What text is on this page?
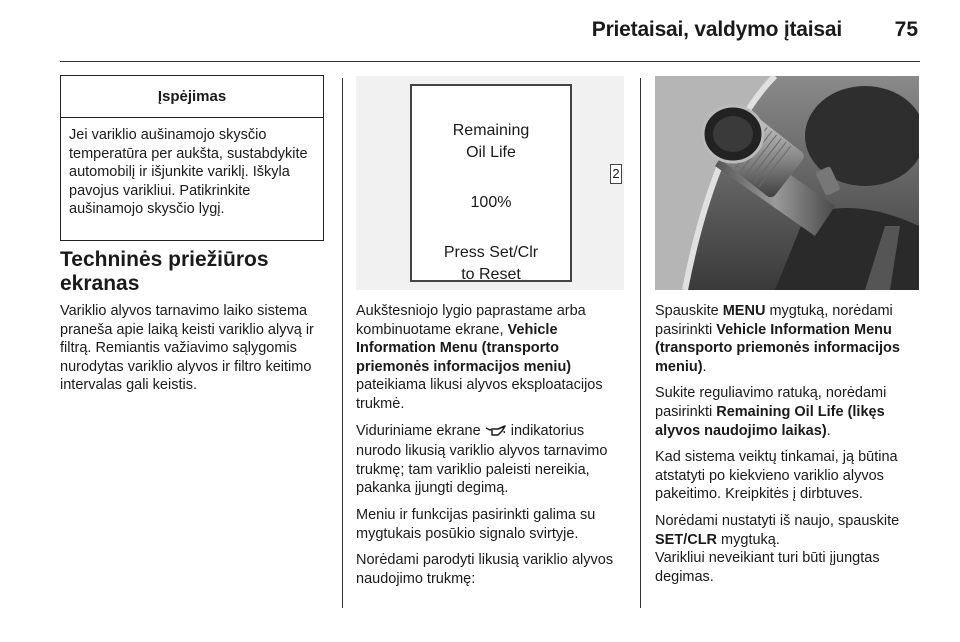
Prietaisai, valdymo įtaisai	75
Įspėjimas
Jei variklio aušinamojo skysčio temperatūra per aukšta, sustabdykite automobilį ir išjunkite variklį. Iškyla pavojus varikliui. Patikrinkite aušinamojo skysčio lygį.
Techninės priežiūros ekranas
Variklio alyvos tarnavimo laiko sistema praneša apie laiką keisti variklio alyvą ir filtrą. Remiantis važiavimo sąlygomis nurodytas variklio alyvos ir filtro keitimo intervalas gali keistis.
Remaining
Oil Life
100%
Press Set/Clr
to Reset
2

Aukštesniojo lygio paprastame arba kombinuotame ekrane, Vehicle Information Menu (transporto priemonės informacijos meniu) pateikiama likusi alyvos eksploatacijos trukmė.

Viduriniame ekrane  indikatorius nurodo likusią variklio alyvos tarnavimo trukmę; tam variklio paleisti nereikia, pakanka įjungti degimą.

Meniu ir funkcijas pasirinkti galima su mygtukais posūkio signalo svirtyje.

Norėdami parodyti likusią variklio alyvos naudojimo trukmę:

Spauskite MENU mygtuką, norėdami pasirinkti Vehicle Information Menu (transporto priemonės informacijos meniu).

Sukite reguliavimo ratuką, norėdami pasirinkti Remaining Oil Life (likęs alyvos naudojimo laikas).

Kad sistema veiktų tinkamai, ją būtina atstatyti po kiekvieno variklio alyvos pakeitimo. Kreipkitės į dirbtuves.

Norėdami nustatyti iš naujo, spauskite SET/CLR mygtuką.

Varikliui neveikiant turi būti įjungtas degimas.
